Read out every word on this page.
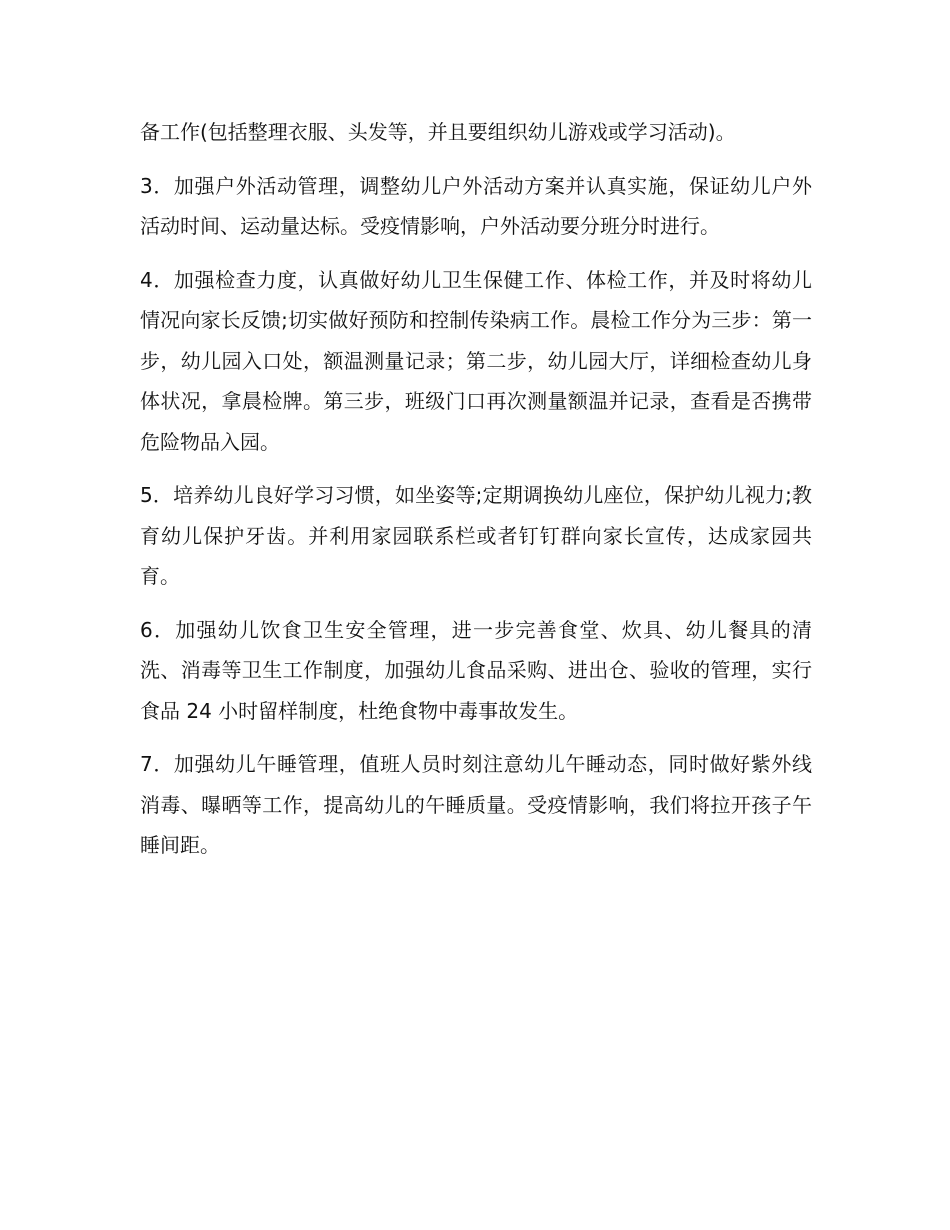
备工作(包括整理衣服、头发等，并且要组织幼儿游戏或学习活动)。

3．加强户外活动管理，调整幼儿户外活动方案并认真实施，保证幼儿户外活动时间、运动量达标。受疫情影响，户外活动要分班分时进行。

4．加强检查力度，认真做好幼儿卫生保健工作、体检工作，并及时将幼儿情况向家长反馈;切实做好预防和控制传染病工作。晨检工作分为三步：第一步，幼儿园入口处，额温测量记录；第二步，幼儿园大厅，详细检查幼儿身体状况，拿晨检牌。第三步，班级门口再次测量额温并记录，查看是否携带危险物品入园。

5．培养幼儿良好学习习惯，如坐姿等;定期调换幼儿座位，保护幼儿视力;教育幼儿保护牙齿。并利用家园联系栏或者钉钉群向家长宣传，达成家园共育。

6．加强幼儿饮食卫生安全管理，进一步完善食堂、炊具、幼儿餐具的清洗、消毒等卫生工作制度，加强幼儿食品采购、进出仓、验收的管理，实行食品 24 小时留样制度，杜绝食物中毒事故发生。

7．加强幼儿午睡管理，值班人员时刻注意幼儿午睡动态，同时做好紫外线消毒、曝晒等工作，提高幼儿的午睡质量。受疫情影响，我们将拉开孩子午睡间距。
